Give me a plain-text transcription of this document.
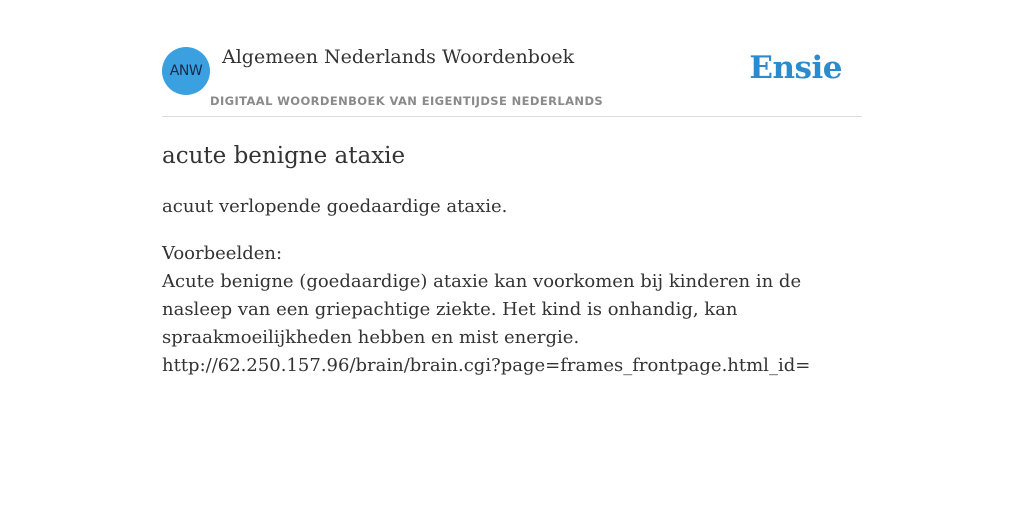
ANW
Algemeen Nederlands Woordenboek
DIGITAAL WOORDENBOEK VAN EIGENTIJDSE NEDERLANDS
Ensie
acute benigne ataxie
acuut verlopende goedaardige ataxie.

Voorbeelden:

Acute benigne (goedaardige) ataxie kan voorkomen bij kinderen in de nasleep van een griepachtige ziekte. Het kind is onhandig, kan spraakmoeilijkheden hebben en mist energie.

http://62.250.157.96/brain/brain.cgi?page=frames_frontpage.html_id=
